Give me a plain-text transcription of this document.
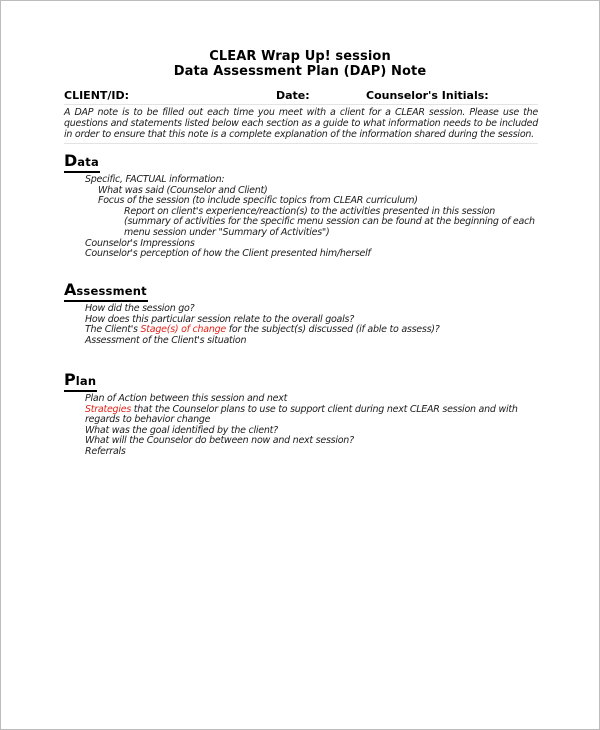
CLEAR Wrap Up! session
Data Assessment Plan (DAP) Note
CLIENT/ID:	Date:	Counselor's Initials:

A DAP note is to be filled out each time you meet with a client for a CLEAR session. Please use the questions and statements listed below each section as a guide to what information needs to be included in order to ensure that this note is a complete explanation of the information shared during the session.

Data
Specific, FACTUAL information:
What was said (Counselor and Client)
Focus of the session (to include specific topics from CLEAR curriculum)
Report on client's experience/reaction(s) to the activities presented in this session (summary of activities for the specific menu session can be found at the beginning of each menu session under "Summary of Activities")
Counselor's Impressions
Counselor's perception of how the Client presented him/herself
Assessment
How did the session go?
How does this particular session relate to the overall goals?
The Client's Stage(s) of change for the subject(s) discussed (if able to assess)?
Assessment of the Client's situation
Plan
Plan of Action between this session and next
Strategies that the Counselor plans to use to support client during next CLEAR session and with regards to behavior change
What was the goal identified by the client?
What will the Counselor do between now and next session?
Referrals
